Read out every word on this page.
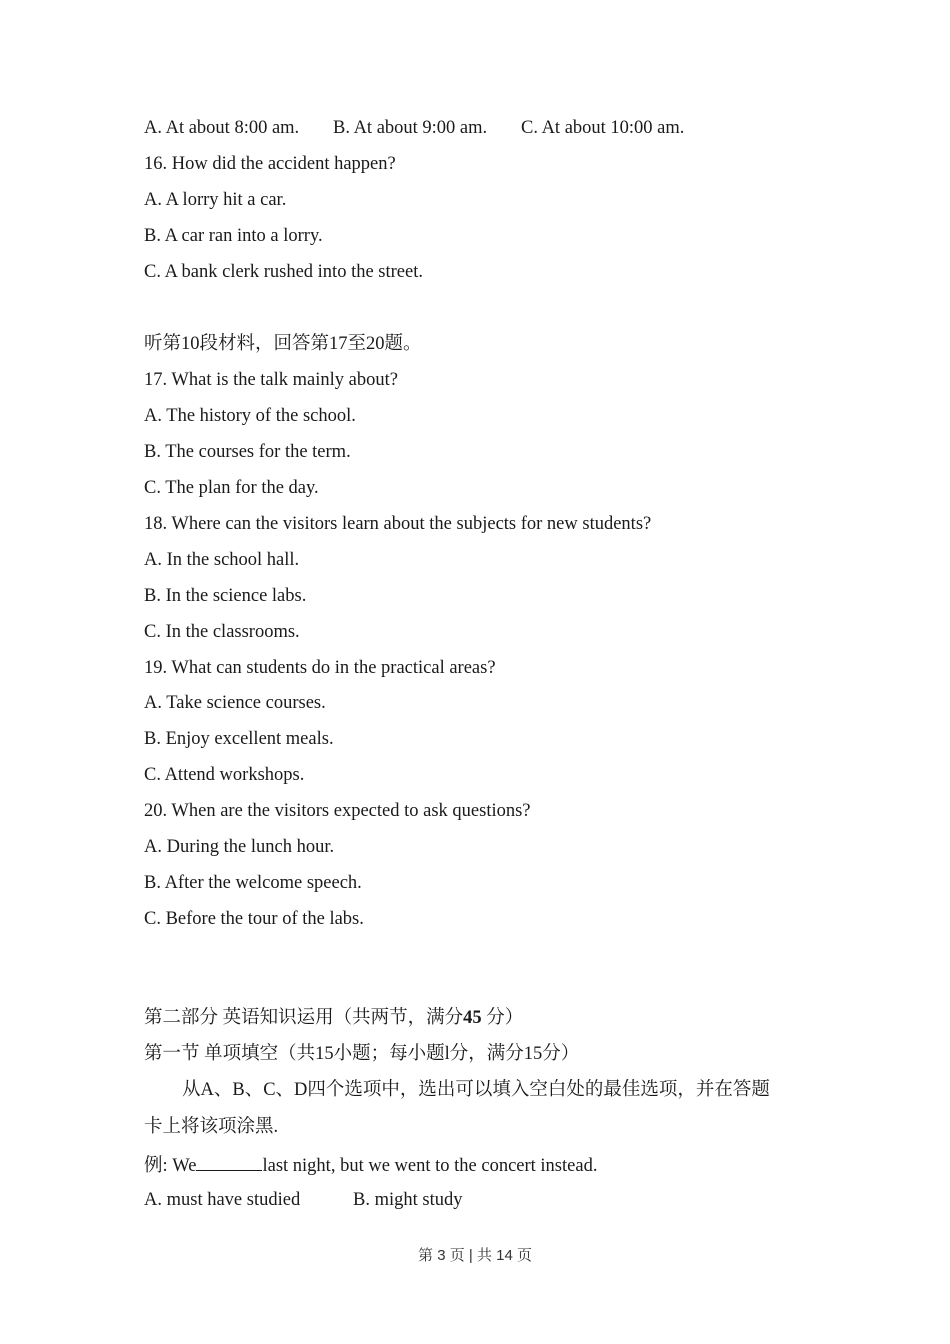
A. At about 8:00 am. B. At about 9:00 am. C. At about 10:00 am.
16. How did the accident happen?
A. A lorry hit a car.
B. A car ran into a lorry.
C. A bank clerk rushed into the street.
听第10段材料，回答第17至20题。
17. What is the talk mainly about?
A. The history of the school.
B. The courses for the term.
C. The plan for the day.
18. Where can the visitors learn about the subjects for new students?
A. In the school hall.
B. In the science labs.
C. In the classrooms.
19. What can students do in the practical areas?
A. Take science courses.
B. Enjoy excellent meals.
C. Attend workshops.
20. When are the visitors expected to ask questions?
A. During the lunch hour.
B. After the welcome speech.
C. Before the tour of the labs.
第二部分 英语知识运用（共两节，满分45 分）
第一节 单项填空（共15小题；每小题l分，满分15分）
从A、B、C、D四个选项中，选出可以填入空白处的最佳选项，并在答题
卡上将该项涂黑.
例: We	last night, but we went to the concert instead.
A. must have studied	B. might study
第 3 页 | 共 14 页
